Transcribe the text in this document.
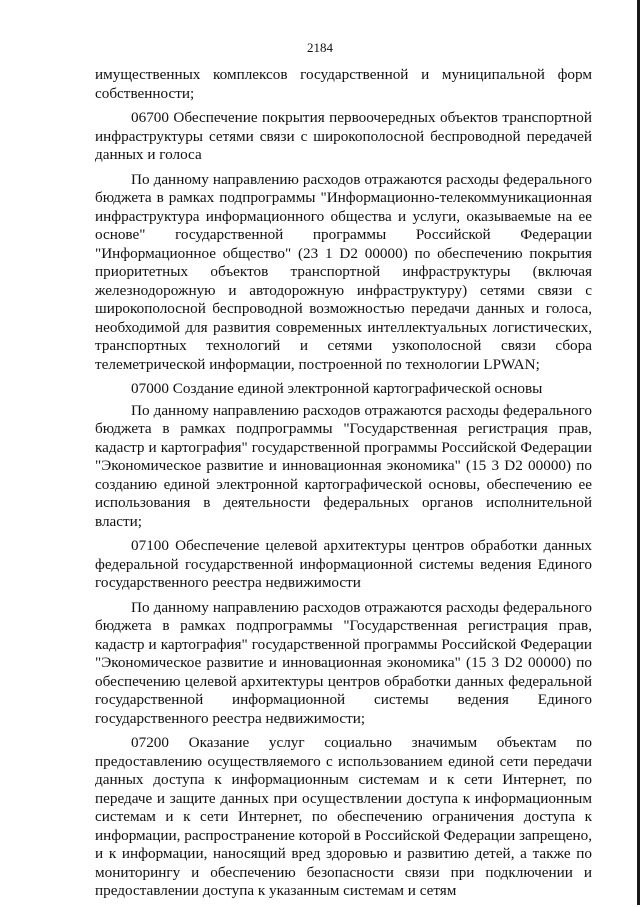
2184

имущественных комплексов государственной и муниципальной форм собственности;

06700 Обеспечение покрытия первоочередных объектов транспортной инфраструктуры сетями связи с широкополосной беспроводной передачей данных и голоса

По данному направлению расходов отражаются расходы федерального бюджета в рамках подпрограммы "Информационно-телекоммуникационная инфраструктура информационного общества и услуги, оказываемые на ее основе" государственной программы Российской Федерации "Информационное общество" (23 1 D2 00000) по обеспечению покрытия приоритетных объектов транспортной инфраструктуры (включая железнодорожную и автодорожную инфраструктуру) сетями связи с широкополосной беспроводной возможностью передачи данных и голоса, необходимой для развития современных интеллектуальных логистических, транспортных технологий и сетями узкополосной связи сбора телеметрической информации, построенной по технологии LPWAN;

07000 Создание единой электронной картографической основы

По данному направлению расходов отражаются расходы федерального бюджета в рамках подпрограммы "Государственная регистрация прав, кадастр и картография" государственной программы Российской Федерации "Экономическое развитие и инновационная экономика" (15 3 D2 00000) по созданию единой электронной картографической основы, обеспечению ее использования в деятельности федеральных органов исполнительной власти;

07100 Обеспечение целевой архитектуры центров обработки данных федеральной государственной информационной системы ведения Единого государственного реестра недвижимости

По данному направлению расходов отражаются расходы федерального бюджета в рамках подпрограммы "Государственная регистрация прав, кадастр и картография" государственной программы Российской Федерации "Экономическое развитие и инновационная экономика" (15 3 D2 00000) по обеспечению целевой архитектуры центров обработки данных федеральной государственной информационной системы ведения Единого государственного реестра недвижимости;

07200 Оказание услуг социально значимым объектам по предоставлению осуществляемого с использованием единой сети передачи данных доступа к информационным системам и к сети Интернет, по передаче и защите данных при осуществлении доступа к информационным системам и к сети Интернет, по обеспечению ограничения доступа к информации, распространение которой в Российской Федерации запрещено, и к информации, наносящий вред здоровью и развитию детей, а также по мониторингу и обеспечению безопасности связи при подключении и предоставлении доступа к указанным системам и сетям
